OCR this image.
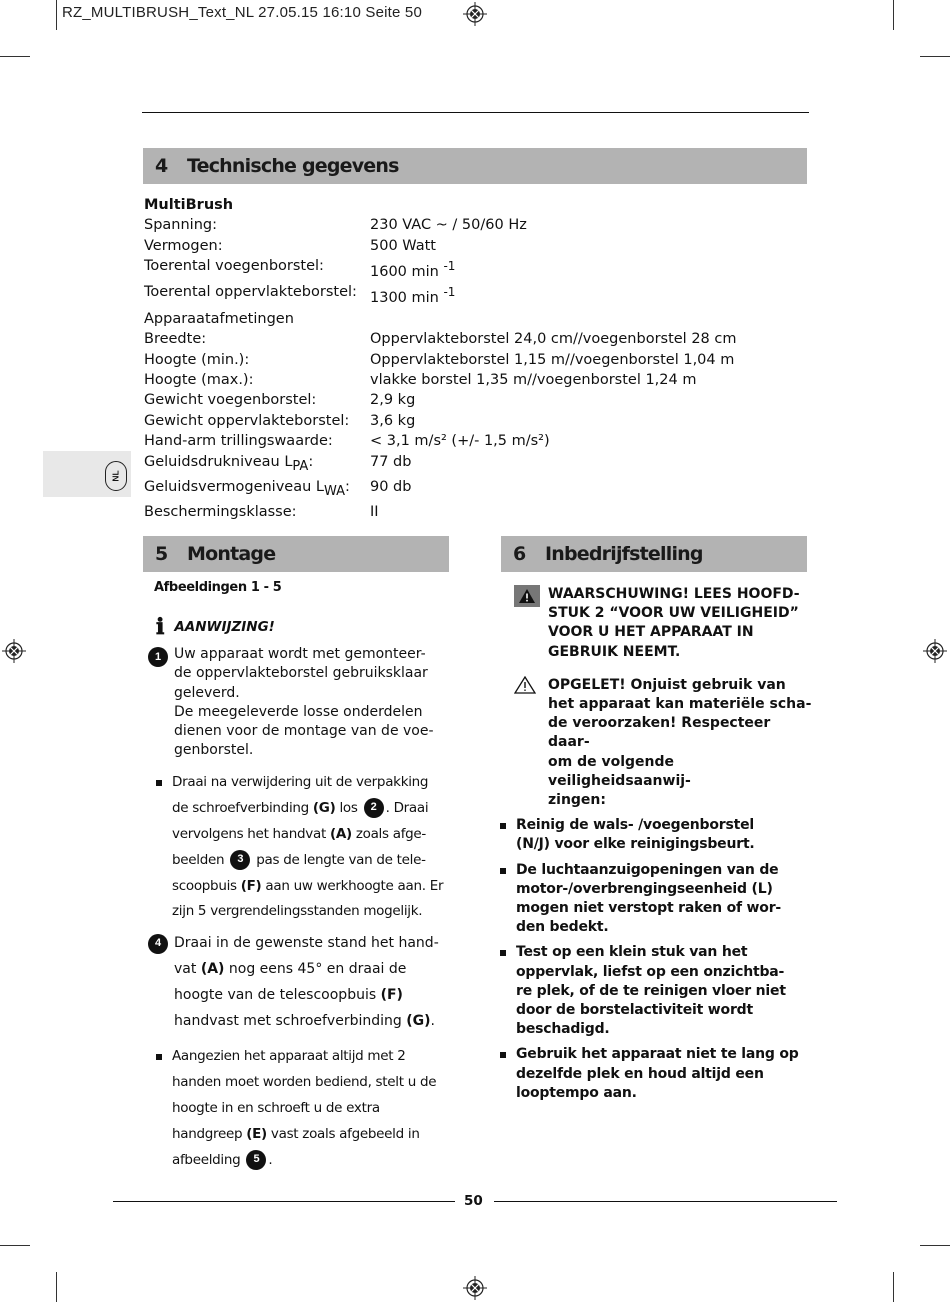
RZ_MULTIBRUSH_Text_NL 27.05.15 16:10 Seite 50
4	Technische gegevens
MultiBrush
Spanning:	230 VAC ~ / 50/60 Hz
Vermogen:	500 Watt
Toerental voegenborstel:	1600 min $^{-1}$
Toerental oppervlakteborstel: 1300 min $^{-1}$
Apparaatafmetingen
Breedte:	Oppervlakteborstel 24,0 cm//voegenborstel 28 cm
Hoogte (min.):	Oppervlakteborstel 1,15 m//voegenborstel 1,04 m
Hoogte (max.):	vlakke borstel 1,35 m//voegenborstel 1,24 m
Gewicht voegenborstel:	2,9 kg
Gewicht oppervlakteborstel:	3,6 kg
Hand-arm trillingswaarde:	< 3,1 m/s² (+/- 1,5 m/s²)
Geluidsdrukniveau $L_{PA}$:	77 db
Geluidsvermogeniveau $L_{WA}$:	90 db
Beschermingsklasse:	II
NL
5	Montage	6	Inbedrijfstelling
Afbeeldingen 1 - 5
ℹ AANWIJZING!
1 Uw apparaat wordt met gemonteer-
de oppervlakteborstel gebruiksklaar
geleverd.
De meegeleverde losse onderdelen
dienen voor de montage van de voe-
genborstel.
Draai na verwijdering uit de verpakking de schroefverbinding (G) los 2 . Draai vervolgens het handvat (A) zoals afge-beelden 3 pas de lengte van de tele-scoopbuis (F) aan uw werkhoogte aan. Er zijn 5 vergrendelingsstanden mogelijk.
4 Draai in de gewenste stand het hand-vat (A) nog eens 45° en draai de hoogte van de telescoopbuis (F) handvast met schroefverbinding (G).
Aangezien het apparaat altijd met 2 handen moet worden bediend, stelt u de hoogte in en schroeft u de extra handgreep (E) vast zoals afgebeeld in afbeelding 5 .
WAARSCHUWING! LEES HOOFD-
STUK 2 “VOOR UW VEILIGHEID”
VOOR U HET APPARAAT IN
GEBRUIK NEEMT.
OPGELET! Onjuist gebruik van
het apparaat kan materiële scha-
de veroorzaken! Respecteer daar-
om de volgende veiligheidsaanwij-
zingen:
Reinig de wals- /voegenborstel
(N/J) voor elke reinigingsbeurt.
De luchtaanzuigopeningen van de
motor-/overbrengingseenheid (L)
mogen niet verstopt raken of wor-
den bedekt.
Test op een klein stuk van het
oppervlak, liefst op een onzichtba-
re plek, of de te reinigen vloer niet
door de borstelactiviteit wordt
beschadigd.
Gebruik het apparaat niet te lang op
dezelfde plek en houd altijd een
looptempo aan.
50
